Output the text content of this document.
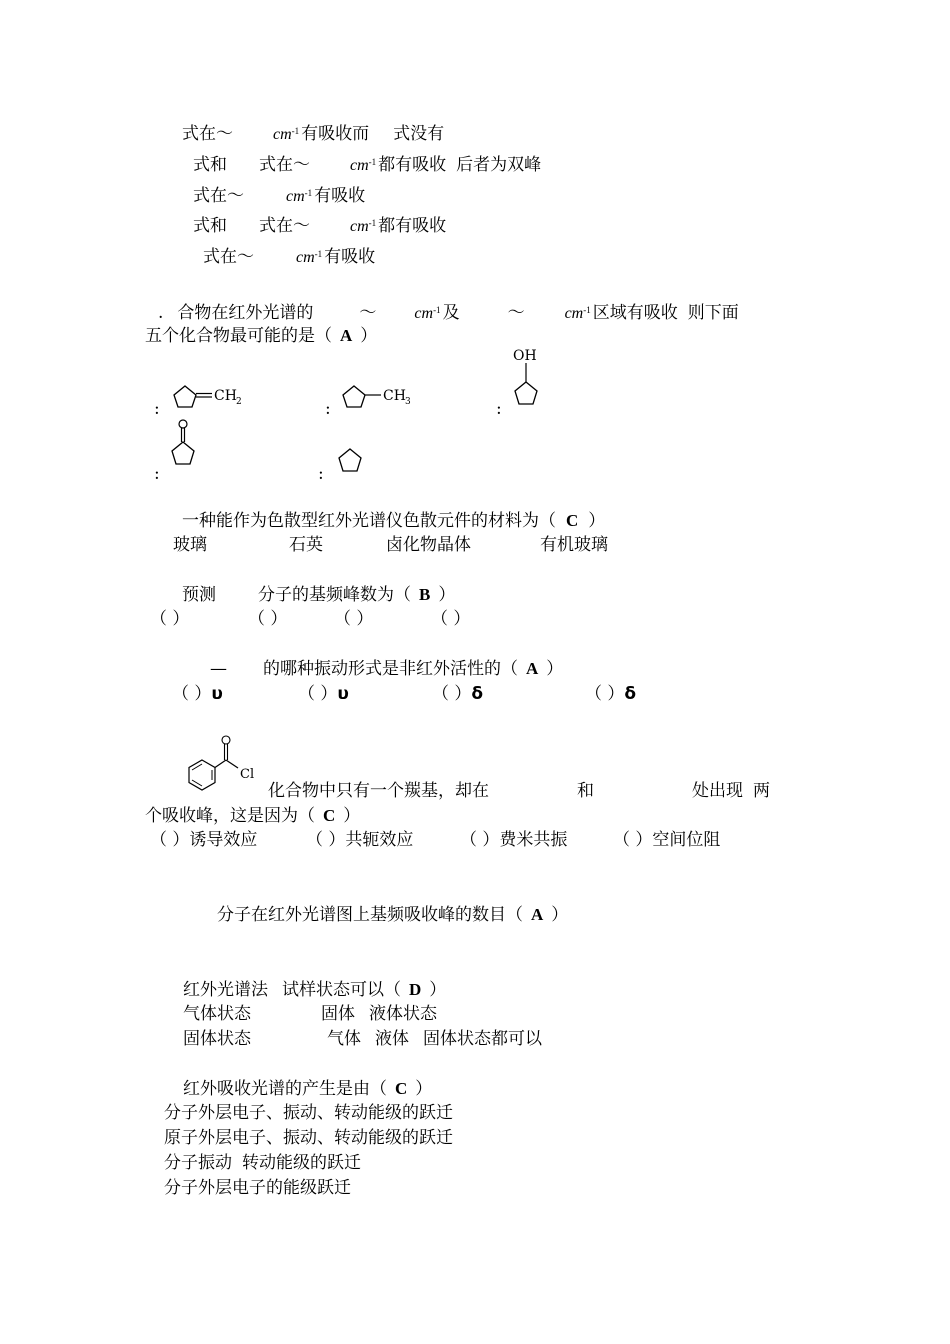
式在～	$cm^{-1}$ 有吸收而 式没有
式和 式在～	$cm^{-1}$ 都有吸收 后者为双峰
式在～	$cm^{-1}$ 有吸收
式和 式在～	$cm^{-1}$ 都有吸收
式在～	$cm^{-1}$ 有吸收
. 合物在红外光谱的	～ $cm^{-1}$ 及	～	$cm^{-1}$ 区域有吸收 则下面
五个化合物最可能的是（ A ）
:
CH 2	:
CH 3	:
OH
:	:
一种能作为色散型红外光谱仪色散元件的材料为（ C ）
玻璃	石英	卤化物晶体	有机玻璃
预测 分子的基频峰数为（ B ）
（ ）	（ ）	（ ）	（ ）
— 的哪种振动形式是非红外活性的（ A ）
（ ）υ	（ ）υ	（ ）δ	（ ）δ
Cl
化合物中只有一个羰基，却在	和	处出现 两
个吸收峰，这是因为（ C ）
（ ）诱导效应	（ ）共轭效应	（ ）费米共振	（ ）空间位阻
分子在红外光谱图上基频吸收峰的数目（ A ）
红外光谱法 试样状态可以（ D ）
气体状态	固体 液体状态
固体状态	气体 液体 固体状态都可以
红外吸收光谱的产生是由（ C ）
分子外层电子、振动、转动能级的跃迁
原子外层电子、振动、转动能级的跃迁
分子振动 转动能级的跃迁
分子外层电子的能级跃迁
